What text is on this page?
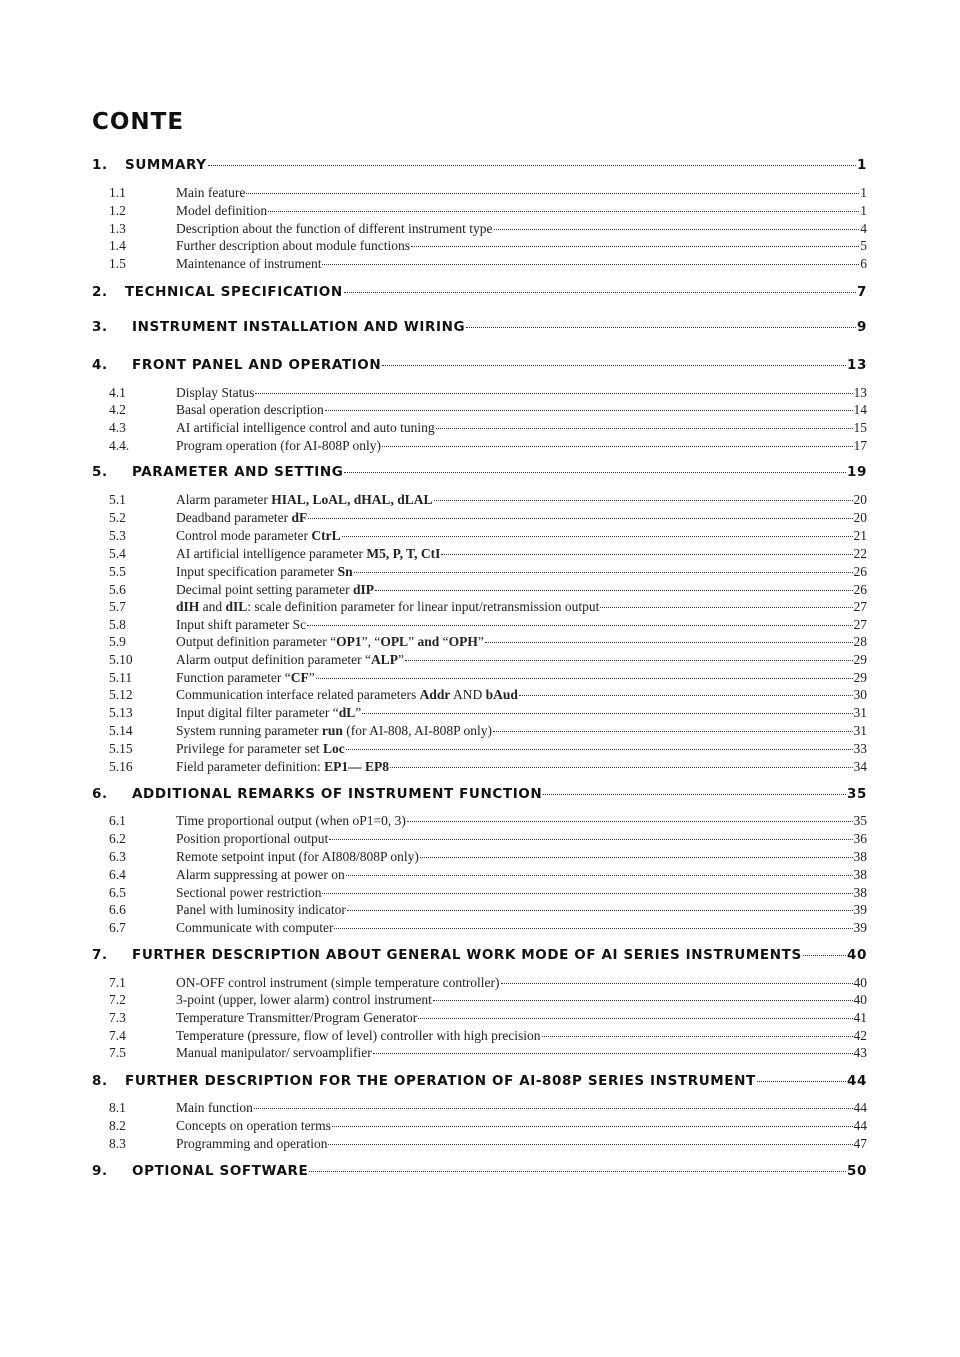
CONTE
1.	SUMMARY	1
1.1	Main feature	1
1.2	Model definition	1
1.3	Description about the function of different instrument type	4
1.4	Further description about module functions	5
1.5	Maintenance of instrument	6
2.	TECHNICAL SPECIFICATION	7
3.	INSTRUMENT INSTALLATION AND WIRING	9
4.	FRONT PANEL AND OPERATION	13
4.1	Display Status	13
4.2	Basal operation description	14
4.3	AI artificial intelligence control and auto tuning	15
4.4.	Program operation (for AI-808P only)	17
5.	PARAMETER AND SETTING	19
5.1	Alarm parameter HIAL, LoAL, dHAL, dLAL	20
5.2	Deadband parameter dF	20
5.3	Control mode parameter CtrL	21
5.4	AI artificial intelligence parameter M5, P, T, CtI	22
5.5	Input specification parameter Sn	26
5.6	Decimal point setting parameter dIP	26
5.7	dIH and dIL: scale definition parameter for linear input/retransmission output	27
5.8	Input shift parameter Sc	27
5.9	Output definition parameter “OP1”, “OPL” and “OPH”	28
5.10	Alarm output definition parameter “ALP”	29
5.11	Function parameter “CF”	29
5.12	Communication interface related parameters Addr AND bAud	30
5.13	Input digital filter parameter “dL”	31
5.14	System running parameter run (for AI-808, AI-808P only)	31
5.15	Privilege for parameter set Loc	33
5.16	Field parameter definition: EP1— EP8	34
6.	ADDITIONAL REMARKS OF INSTRUMENT FUNCTION	35
6.1	Time proportional output (when oP1=0, 3)	35
6.2	Position proportional output	36
6.3	Remote setpoint input (for AI808/808P only)	38
6.4	Alarm suppressing at power on	38
6.5	Sectional power restriction	38
6.6	Panel with luminosity indicator	39
6.7	Communicate with computer	39
7.	FURTHER DESCRIPTION ABOUT GENERAL WORK MODE OF AI SERIES INSTRUMENTS	40
7.1	ON-OFF control instrument (simple temperature controller)	40
7.2	3-point (upper, lower alarm) control instrument	40
7.3	Temperature Transmitter/Program Generator	41
7.4	Temperature (pressure, flow of level) controller with high precision	42
7.5	Manual manipulator/ servoamplifier	43
8.	FURTHER DESCRIPTION FOR THE OPERATION OF AI-808P SERIES INSTRUMENT	44
8.1	Main function	44
8.2	Concepts on operation terms	44
8.3	Programming and operation	47
9.	OPTIONAL SOFTWARE	50
